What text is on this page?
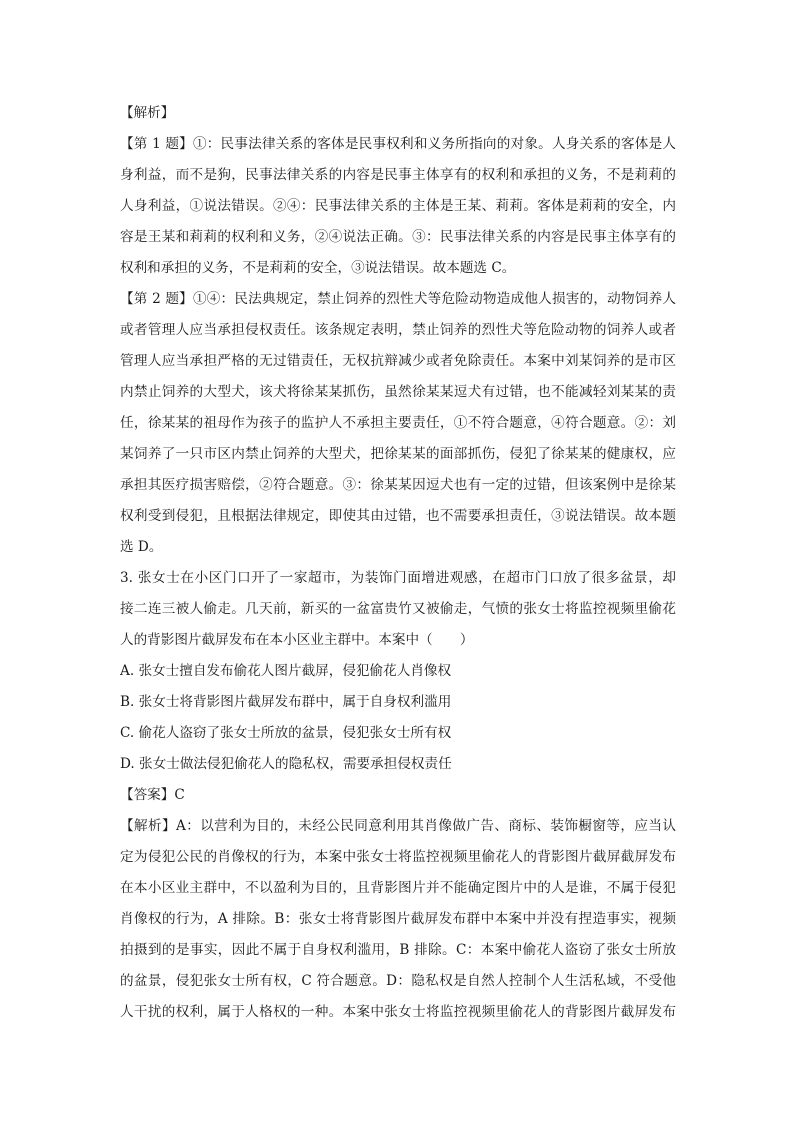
【解析】
【第 1 题】①：民事法律关系的客体是民事权利和义务所指向的对象。人身关系的客体是人
身利益，而不是狗，民事法律关系的内容是民事主体享有的权利和承担的义务，不是莉莉的
人身利益，①说法错误。②④：民事法律关系的主体是王某、莉莉。客体是莉莉的安全，内
容是王某和莉莉的权利和义务，②④说法正确。③：民事法律关系的内容是民事主体享有的
权利和承担的义务，不是莉莉的安全，③说法错误。故本题选 C。
【第 2 题】①④：民法典规定，禁止饲养的烈性犬等危险动物造成他人损害的，动物饲养人
或者管理人应当承担侵权责任。该条规定表明，禁止饲养的烈性犬等危险动物的饲养人或者
管理人应当承担严格的无过错责任，无权抗辩减少或者免除责任。本案中刘某饲养的是市区
内禁止饲养的大型犬，该犬将徐某某抓伤，虽然徐某某逗犬有过错，也不能减轻刘某某的责
任，徐某某的祖母作为孩子的监护人不承担主要责任，①不符合题意，④符合题意。②：刘
某饲养了一只市区内禁止饲养的大型犬，把徐某某的面部抓伤，侵犯了徐某某的健康权，应
承担其医疗损害赔偿，②符合题意。③：徐某某因逗犬也有一定的过错，但该案例中是徐某
权利受到侵犯，且根据法律规定，即使其由过错，也不需要承担责任，③说法错误。故本题
选 D。
3. 张女士在小区门口开了一家超市，为装饰门面增进观感，在超市门口放了很多盆景，却
接二连三被人偷走。几天前，新买的一盆富贵竹又被偷走，气愤的张女士将监控视频里偷花
人的背影图片截屏发布在本小区业主群中。本案中（　　）
A. 张女士擅自发布偷花人图片截屏，侵犯偷花人肖像权
B. 张女士将背影图片截屏发布群中，属于自身权利滥用
C. 偷花人盗窃了张女士所放的盆景，侵犯张女士所有权
D. 张女士做法侵犯偷花人的隐私权，需要承担侵权责任
【答案】C
【解析】A：以营利为目的，未经公民同意利用其肖像做广告、商标、装饰橱窗等，应当认
定为侵犯公民的肖像权的行为，本案中张女士将监控视频里偷花人的背影图片截屏截屏发布
在本小区业主群中，不以盈利为目的，且背影图片并不能确定图片中的人是谁，不属于侵犯
肖像权的行为，A 排除。B：张女士将背影图片截屏发布群中本案中并没有捏造事实，视频
拍摄到的是事实，因此不属于自身权利滥用，B 排除。C：本案中偷花人盗窃了张女士所放
的盆景，侵犯张女士所有权，C 符合题意。D：隐私权是自然人控制个人生活私域，不受他
人干扰的权利，属于人格权的一种。本案中张女士将监控视频里偷花人的背影图片截屏发布
